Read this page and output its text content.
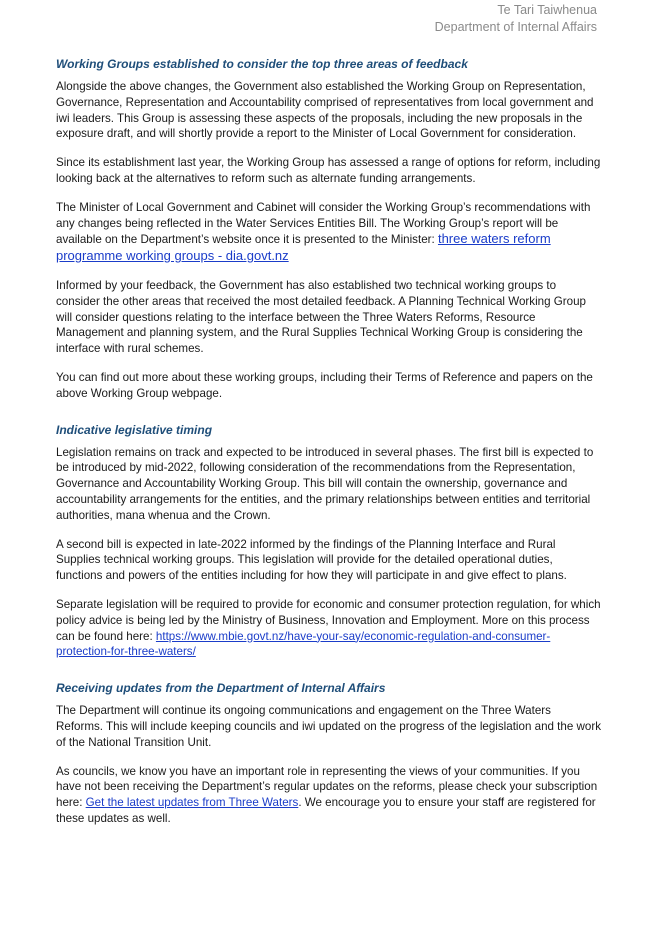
Te Tari Taiwhenua
Department of Internal Affairs
Working Groups established to consider the top three areas of feedback

Alongside the above changes, the Government also established the Working Group on Representation, Governance, Representation and Accountability comprised of representatives from local government and iwi leaders. This Group is assessing these aspects of the proposals, including the new proposals in the exposure draft, and will shortly provide a report to the Minister of Local Government for consideration.

Since its establishment last year, the Working Group has assessed a range of options for reform, including looking back at the alternatives to reform such as alternate funding arrangements.

The Minister of Local Government and Cabinet will consider the Working Group’s recommendations with any changes being reflected in the Water Services Entities Bill. The Working Group’s report will be available on the Department’s website once it is presented to the Minister: three waters reform programme working groups - dia.govt.nz

Informed by your feedback, the Government has also established two technical working groups to consider the other areas that received the most detailed feedback. A Planning Technical Working Group will consider questions relating to the interface between the Three Waters Reforms, Resource Management and planning system, and the Rural Supplies Technical Working Group is considering the interface with rural schemes.

You can find out more about these working groups, including their Terms of Reference and papers on the above Working Group webpage.

Indicative legislative timing

Legislation remains on track and expected to be introduced in several phases. The first bill is expected to be introduced by mid-2022, following consideration of the recommendations from the Representation, Governance and Accountability Working Group. This bill will contain the ownership, governance and accountability arrangements for the entities, and the primary relationships between entities and territorial authorities, mana whenua and the Crown.

A second bill is expected in late-2022 informed by the findings of the Planning Interface and Rural Supplies technical working groups. This legislation will provide for the detailed operational duties, functions and powers of the entities including for how they will participate in and give effect to plans.

Separate legislation will be required to provide for economic and consumer protection regulation, for which policy advice is being led by the Ministry of Business, Innovation and Employment. More on this process can be found here: https://www.mbie.govt.nz/have-your-say/economic-regulation-and-consumer-protection-for-three-waters/

Receiving updates from the Department of Internal Affairs

The Department will continue its ongoing communications and engagement on the Three Waters Reforms. This will include keeping councils and iwi updated on the progress of the legislation and the work of the National Transition Unit.

As councils, we know you have an important role in representing the views of your communities. If you have not been receiving the Department’s regular updates on the reforms, please check your subscription here: Get the latest updates from Three Waters. We encourage you to ensure your staff are registered for these updates as well.
